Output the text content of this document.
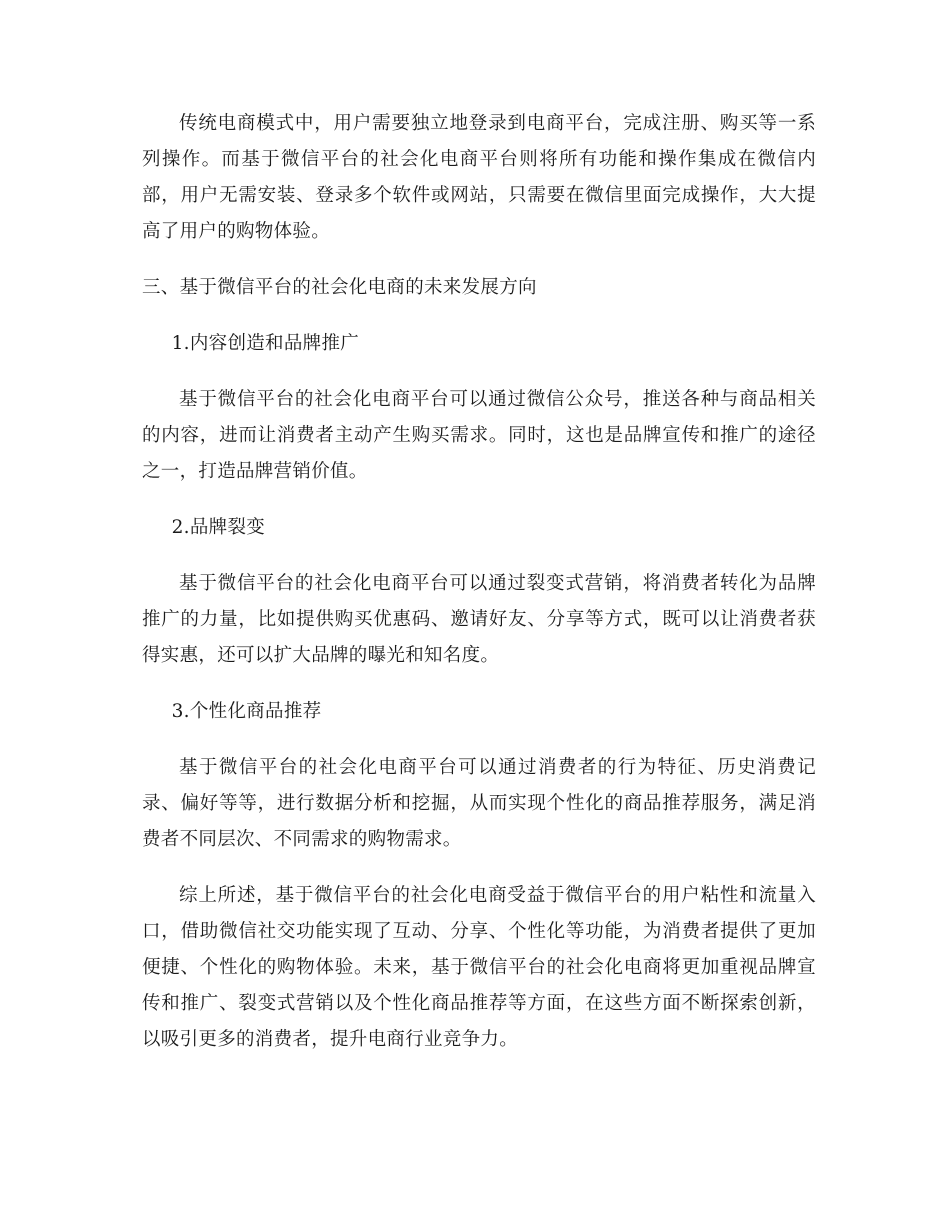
传统电商模式中，用户需要独立地登录到电商平台，完成注册、购买等一系列操作。而基于微信平台的社会化电商平台则将所有功能和操作集成在微信内部，用户无需安装、登录多个软件或网站，只需要在微信里面完成操作，大大提高了用户的购物体验。

三、基于微信平台的社会化电商的未来发展方向

1.内容创造和品牌推广

基于微信平台的社会化电商平台可以通过微信公众号，推送各种与商品相关的内容，进而让消费者主动产生购买需求。同时，这也是品牌宣传和推广的途径之一，打造品牌营销价值。

2.品牌裂变

基于微信平台的社会化电商平台可以通过裂变式营销，将消费者转化为品牌推广的力量，比如提供购买优惠码、邀请好友、分享等方式，既可以让消费者获得实惠，还可以扩大品牌的曝光和知名度。

3.个性化商品推荐

基于微信平台的社会化电商平台可以通过消费者的行为特征、历史消费记录、偏好等等，进行数据分析和挖掘，从而实现个性化的商品推荐服务，满足消费者不同层次、不同需求的购物需求。

综上所述，基于微信平台的社会化电商受益于微信平台的用户粘性和流量入口，借助微信社交功能实现了互动、分享、个性化等功能，为消费者提供了更加便捷、个性化的购物体验。未来，基于微信平台的社会化电商将更加重视品牌宣传和推广、裂变式营销以及个性化商品推荐等方面，在这些方面不断探索创新，以吸引更多的消费者，提升电商行业竞争力。
